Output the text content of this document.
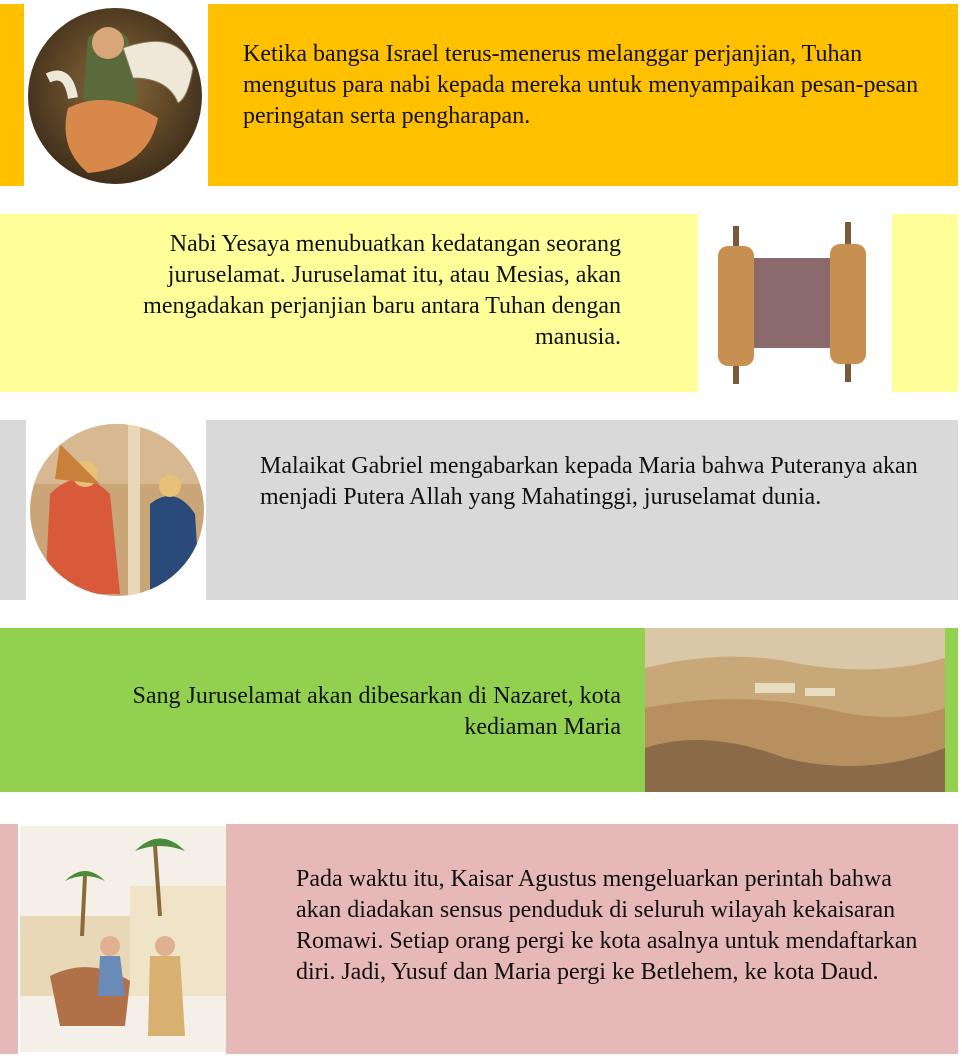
Ketika bangsa Israel terus-menerus melanggar perjanjian, Tuhan mengutus para nabi kepada mereka untuk menyampaikan pesan-pesan peringatan serta pengharapan.
Nabi Yesaya menubuatkan kedatangan seorang juruselamat. Juruselamat itu, atau Mesias, akan mengadakan perjanjian baru antara Tuhan dengan manusia.
Malaikat Gabriel mengabarkan kepada Maria bahwa Puteranya akan menjadi Putera Allah yang Mahatinggi, juruselamat dunia.
Sang Juruselamat akan dibesarkan di Nazaret, kota kediaman Maria
Pada waktu itu, Kaisar Agustus mengeluarkan perintah bahwa akan diadakan sensus penduduk di seluruh wilayah kekaisaran Romawi. Setiap orang pergi ke kota asalnya untuk mendaftarkan diri. Jadi, Yusuf dan Maria pergi ke Betlehem, ke kota Daud.
